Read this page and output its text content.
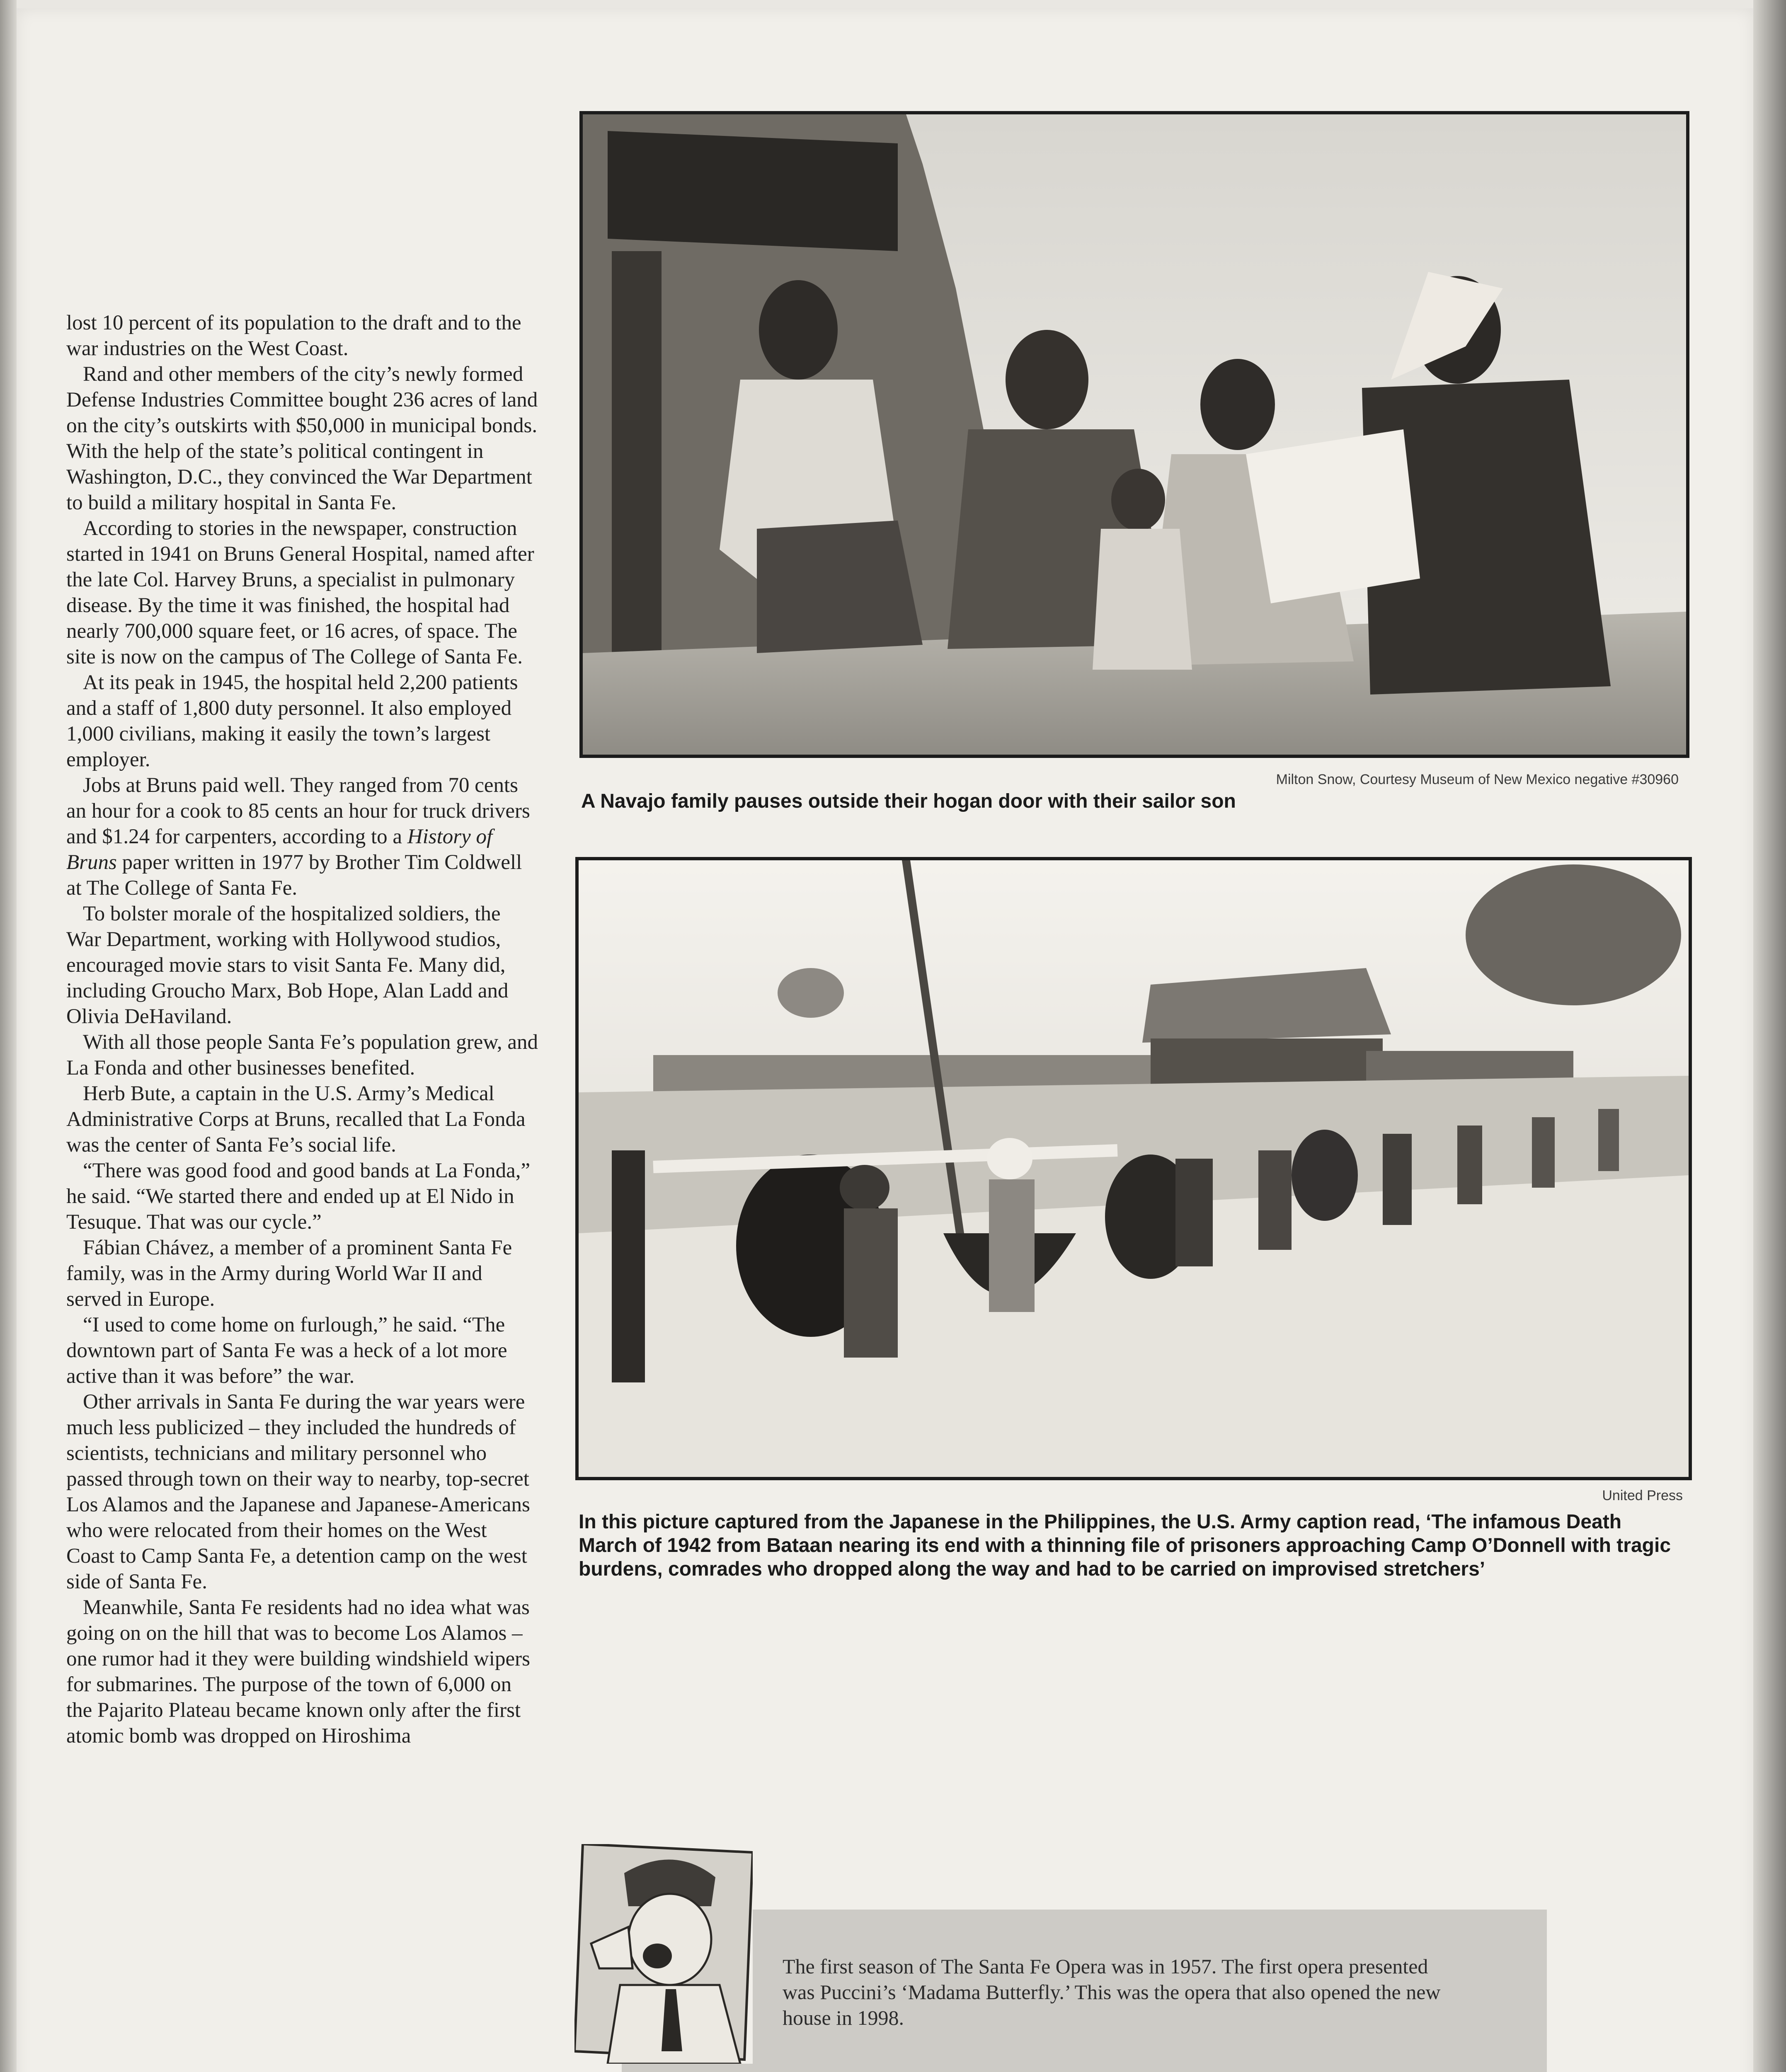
lost 10 percent of its population to the draft and to the war industries on the West Coast.

Rand and other members of the city’s newly formed Defense Industries Committee bought 236 acres of land on the city’s outskirts with $50,000 in municipal bonds. With the help of the state’s political contingent in Washington, D.C., they convinced the War Department to build a military hospital in Santa Fe.

According to stories in the newspaper, construction started in 1941 on Bruns General Hospital, named after the late Col. Harvey Bruns, a specialist in pulmonary disease. By the time it was finished, the hospital had nearly 700,000 square feet, or 16 acres, of space. The site is now on the campus of The College of Santa Fe.

At its peak in 1945, the hospital held 2,200 patients and a staff of 1,800 duty personnel. It also employed 1,000 civilians, making it easily the town’s largest employer.

Jobs at Bruns paid well. They ranged from 70 cents an hour for a cook to 85 cents an hour for truck drivers and $1.24 for carpenters, according to a History of Bruns paper written in 1977 by Brother Tim Coldwell at The College of Santa Fe.

To bolster morale of the hospitalized soldiers, the War Department, working with Hollywood studios, encouraged movie stars to visit Santa Fe. Many did, including Groucho Marx, Bob Hope, Alan Ladd and Olivia DeHaviland.

With all those people Santa Fe’s population grew, and La Fonda and other businesses benefited.

Herb Bute, a captain in the U.S. Army’s Medical Administrative Corps at Bruns, recalled that La Fonda was the center of Santa Fe’s social life.

“There was good food and good bands at La Fonda,” he said. “We started there and ended up at El Nido in Tesuque. That was our cycle.”

Fábian Chávez, a member of a prominent Santa Fe family, was in the Army during World War II and served in Europe.

“I used to come home on furlough,” he said. “The downtown part of Santa Fe was a heck of a lot more active than it was before” the war.

Other arrivals in Santa Fe during the war years were much less publicized – they included the hundreds of scientists, technicians and military personnel who passed through town on their way to nearby, top-secret Los Alamos and the Japanese and Japanese-Americans who were relocated from their homes on the West Coast to Camp Santa Fe, a detention camp on the west side of Santa Fe.

Meanwhile, Santa Fe residents had no idea what was going on on the hill that was to become Los Alamos – one rumor had it they were building windshield wipers for submarines. The purpose of the town of 6,000 on the Pajarito Plateau became known only after the first atomic bomb was dropped on Hiroshima

Milton Snow, Courtesy Museum of New Mexico negative #30960
A Navajo family pauses outside their hogan door with their sailor son
United Press
In this picture captured from the Japanese in the Philippines, the U.S. Army caption read, ‘The infamous Death March of 1942 from Bataan nearing its end with a thinning file of prisoners approaching Camp O’Donnell with tragic burdens, comrades who dropped along the way and had to be carried on improvised stretchers’
The first season of The Santa Fe Opera was in 1957. The first opera presented was Puccini’s ‘Madama Butterfly.’ This was the opera that also opened the new house in 1998.
